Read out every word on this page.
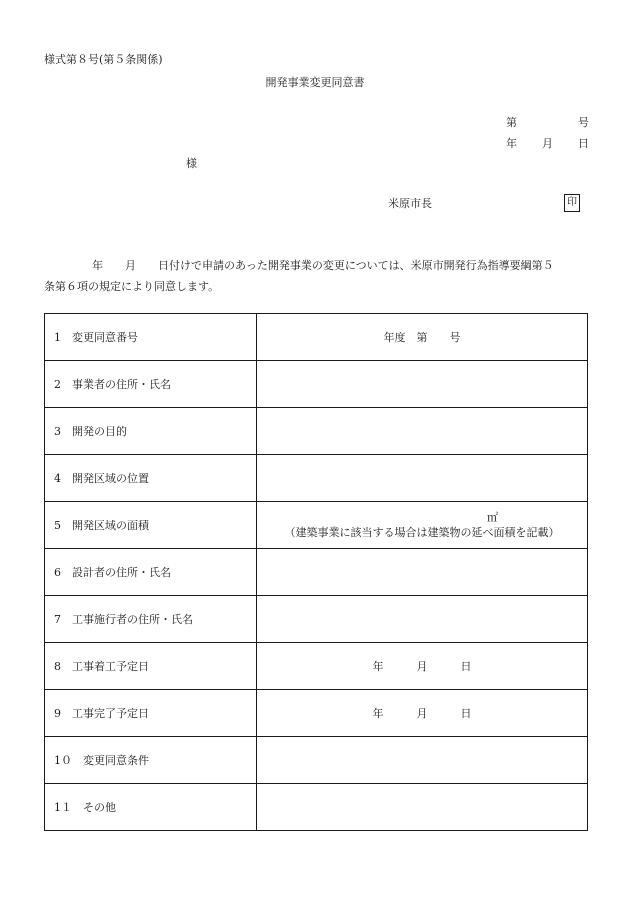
様式第８号(第５条関係)
開発事業変更同意書
第	号
年 月 日
様
米原市長	印
年　　月　　日付けで申請のあった開発事業の変更については、米原市開発行為指導要綱第５
条第６項の規定により同意します。
1　変更同意番号	年度　第　　号
2　事業者の住所・氏名	
3　開発の目的	
4　開発区域の位置	
5　開発区域の面積	㎡
（建築事業に該当する場合は建築物の延べ面積を記載）

6　設計者の住所・氏名	
7　工事施行者の住所・氏名	
8　工事着工予定日	年　　　月　　　日
9　工事完了予定日	年　　　月　　　日
1０　変更同意条件	
1１　その他	
